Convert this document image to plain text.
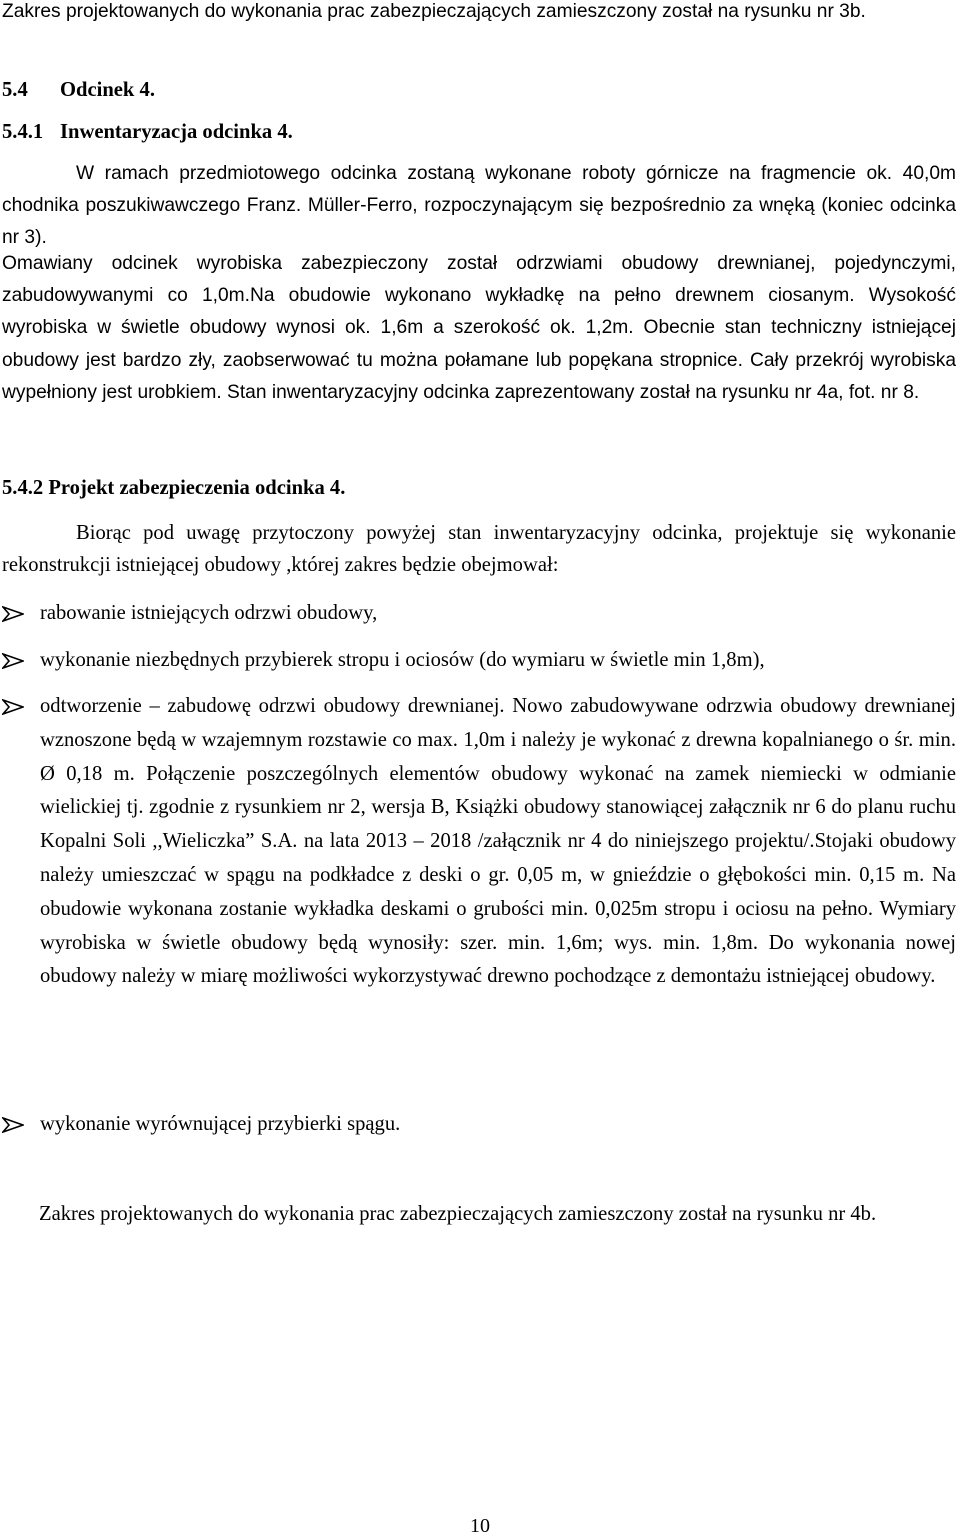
Zakres projektowanych do wykonania prac zabezpieczających zamieszczony został na rysunku nr 3b.

5.4 Odcinek 4.

5.4.1 Inwentaryzacja odcinka 4.

W ramach przedmiotowego odcinka zostaną wykonane roboty górnicze na fragmencie ok. 40,0m chodnika poszukiwawczego Franz. Müller-Ferro, rozpoczynającym się bezpośrednio za wnęką (koniec odcinka nr 3).

Omawiany odcinek wyrobiska zabezpieczony został odrzwiami obudowy drewnianej, pojedynczymi, zabudowywanymi co 1,0m.Na obudowie wykonano wykładkę na pełno drewnem ciosanym. Wysokość wyrobiska w świetle obudowy wynosi ok. 1,6m a szerokość ok. 1,2m. Obecnie stan techniczny istniejącej obudowy jest bardzo zły, zaobserwować tu można połamane lub popękana stropnice. Cały przekrój wyrobiska wypełniony jest urobkiem. Stan inwentaryzacyjny odcinka zaprezentowany został na rysunku nr 4a, fot. nr 8.

5.4.2 Projekt zabezpieczenia odcinka 4.

Biorąc pod uwagę przytoczony powyżej stan inwentaryzacyjny odcinka, projektuje się wykonanie rekonstrukcji istniejącej obudowy ,której zakres będzie obejmował:

rabowanie istniejących odrzwi obudowy,
wykonanie niezbędnych przybierek stropu i ociosów (do wymiaru w świetle min 1,8m),
odtworzenie – zabudowę odrzwi obudowy drewnianej. Nowo zabudowywane odrzwia obudowy drewnianej wznoszone będą w wzajemnym rozstawie co max. 1,0m i należy je wykonać z drewna kopalnianego o śr. min. Ø 0,18 m. Połączenie poszczególnych elementów obudowy wykonać na zamek niemiecki w odmianie wielickiej tj. zgodnie z rysunkiem nr 2, wersja B, Książki obudowy stanowiącej załącznik nr 6 do planu ruchu Kopalni Soli ,,Wieliczka” S.A. na lata 2013 – 2018 /załącznik nr 4 do niniejszego projektu/.Stojaki obudowy należy umieszczać w spągu na podkładce z deski o gr. 0,05 m, w gnieździe o głębokości min. 0,15 m. Na obudowie wykonana zostanie wykładka deskami o grubości min. 0,025m stropu i ociosu na pełno. Wymiary wyrobiska w świetle obudowy będą wynosiły: szer. min. 1,6m; wys. min. 1,8m. Do wykonania nowej obudowy należy w miarę możliwości wykorzystywać drewno pochodzące z demontażu istniejącej obudowy.
wykonanie wyrównującej przybierki spągu.

Zakres projektowanych do wykonania prac zabezpieczających zamieszczony został na rysunku nr 4b.

10
